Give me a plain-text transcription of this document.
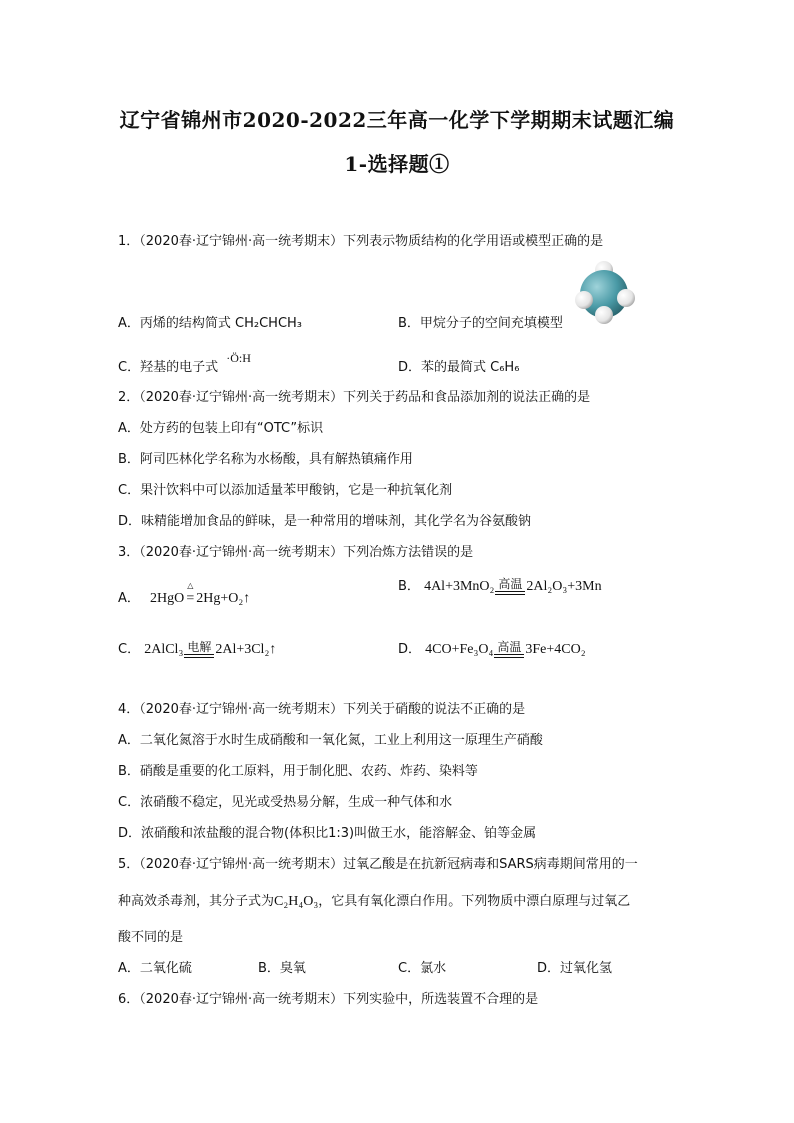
辽宁省锦州市2020-2022三年高一化学下学期期末试题汇编
1-选择题①
1．（2020春·辽宁锦州·高一统考期末）下列表示物质结构的化学用语或模型正确的是
A．丙烯的结构简式 CH₂CHCH₃	B．甲烷分子的空间充填模型
C．羟基的电子式 ·Ö:H
D．苯的最简式 C₆H₆
2．（2020春·辽宁锦州·高一统考期末）下列关于药品和食品添加剂的说法正确的是
A．处方药的包装上印有“OTC”标识
B．阿司匹林化学名称为水杨酸，具有解热镇痛作用
C．果汁饮料中可以添加适量苯甲酸钠，它是一种抗氧化剂
D．味精能增加食品的鲜味，是一种常用的增味剂，其化学名为谷氨酸钠
3．（2020春·辽宁锦州·高一统考期末）下列冶炼方法错误的是
A． 2HgO
△
= 2Hg+O₂↑
B． 4Al+3MnO₂ 高温 2Al₂O₃+3Mn
C． 2AlCl₃ 电解 2Al+3Cl₂↑	D． 4CO+Fe₃O₄ 高温 3Fe+4CO₂
4．（2020春·辽宁锦州·高一统考期末）下列关于硝酸的说法不正确的是
A．二氧化氮溶于水时生成硝酸和一氧化氮，工业上利用这一原理生产硝酸
B．硝酸是重要的化工原料，用于制化肥、农药、炸药、染料等
C．浓硝酸不稳定，见光或受热易分解，生成一种气体和水
D．浓硝酸和浓盐酸的混合物(体积比1:3)叫做王水，能溶解金、铂等金属
5．（2020春·辽宁锦州·高一统考期末）过氧乙酸是在抗新冠病毒和SARS病毒期间常用的一
种高效杀毒剂，其分子式为C₂H₄O₃，它具有氧化漂白作用。下列物质中漂白原理与过氧乙
酸不同的是
A．二氧化硫	B．臭氧	C．氯水	D．过氧化氢
6．（2020春·辽宁锦州·高一统考期末）下列实验中，所选装置不合理的是
